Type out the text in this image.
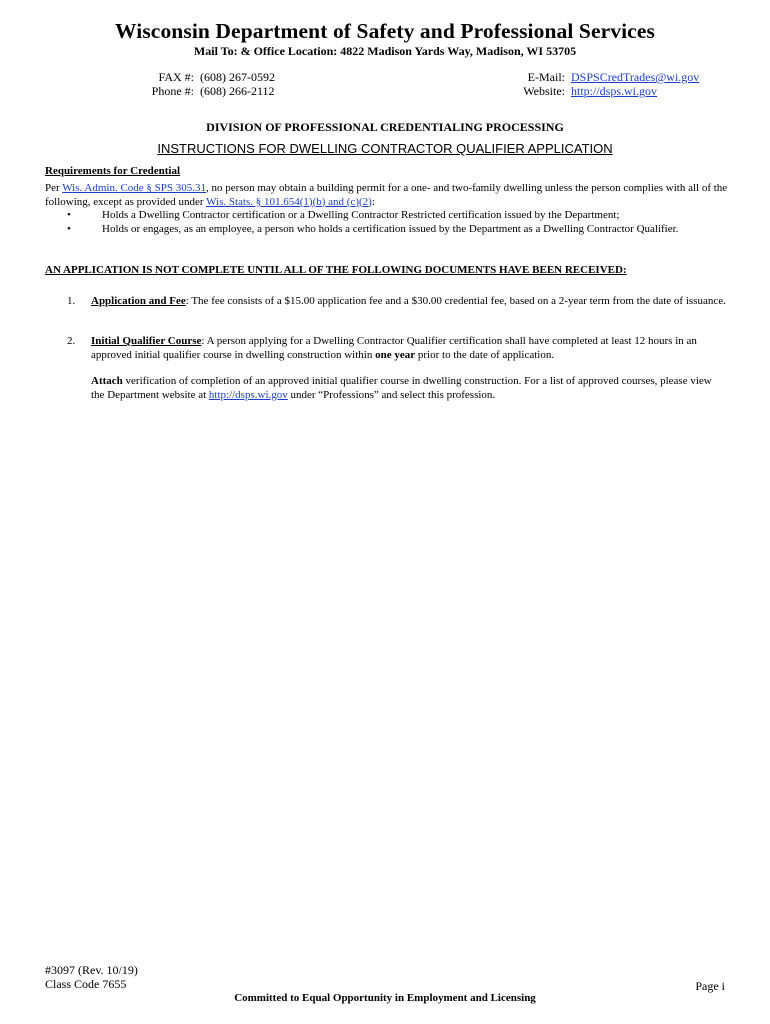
Wisconsin Department of Safety and Professional Services
Mail To: & Office Location: 4822 Madison Yards Way, Madison, WI 53705
FAX #: (608) 267-0592
Phone #: (608) 266-2112
E-Mail: DSPSCredTrades@wi.gov
Website: http://dsps.wi.gov
DIVISION OF PROFESSIONAL CREDENTIALING PROCESSING
INSTRUCTIONS FOR DWELLING CONTRACTOR QUALIFIER APPLICATION
Requirements for Credential
Per Wis. Admin. Code § SPS 305.31, no person may obtain a building permit for a one- and two-family dwelling unless the person complies with all of the following, except as provided under Wis. Stats. § 101.654(1)(b) and (c)(2):
•	Holds a Dwelling Contractor certification or a Dwelling Contractor Restricted certification issued by the Department;
•	Holds or engages, as an employee, a person who holds a certification issued by the Department as a Dwelling Contractor Qualifier.
AN APPLICATION IS NOT COMPLETE UNTIL ALL OF THE FOLLOWING DOCUMENTS HAVE BEEN RECEIVED:
1. Application and Fee: The fee consists of a $15.00 application fee and a $30.00 credential fee, based on a 2-year term from the date of issuance.
2. Initial Qualifier Course: A person applying for a Dwelling Contractor Qualifier certification shall have completed at least 12 hours in an approved initial qualifier course in dwelling construction within one year prior to the date of application.
Attach verification of completion of an approved initial qualifier course in dwelling construction. For a list of approved courses, please view the Department website at http://dsps.wi.gov under “Professions” and select this profession.
#3097 (Rev. 10/19)
Class Code 7655	Page i
Committed to Equal Opportunity in Employment and Licensing
